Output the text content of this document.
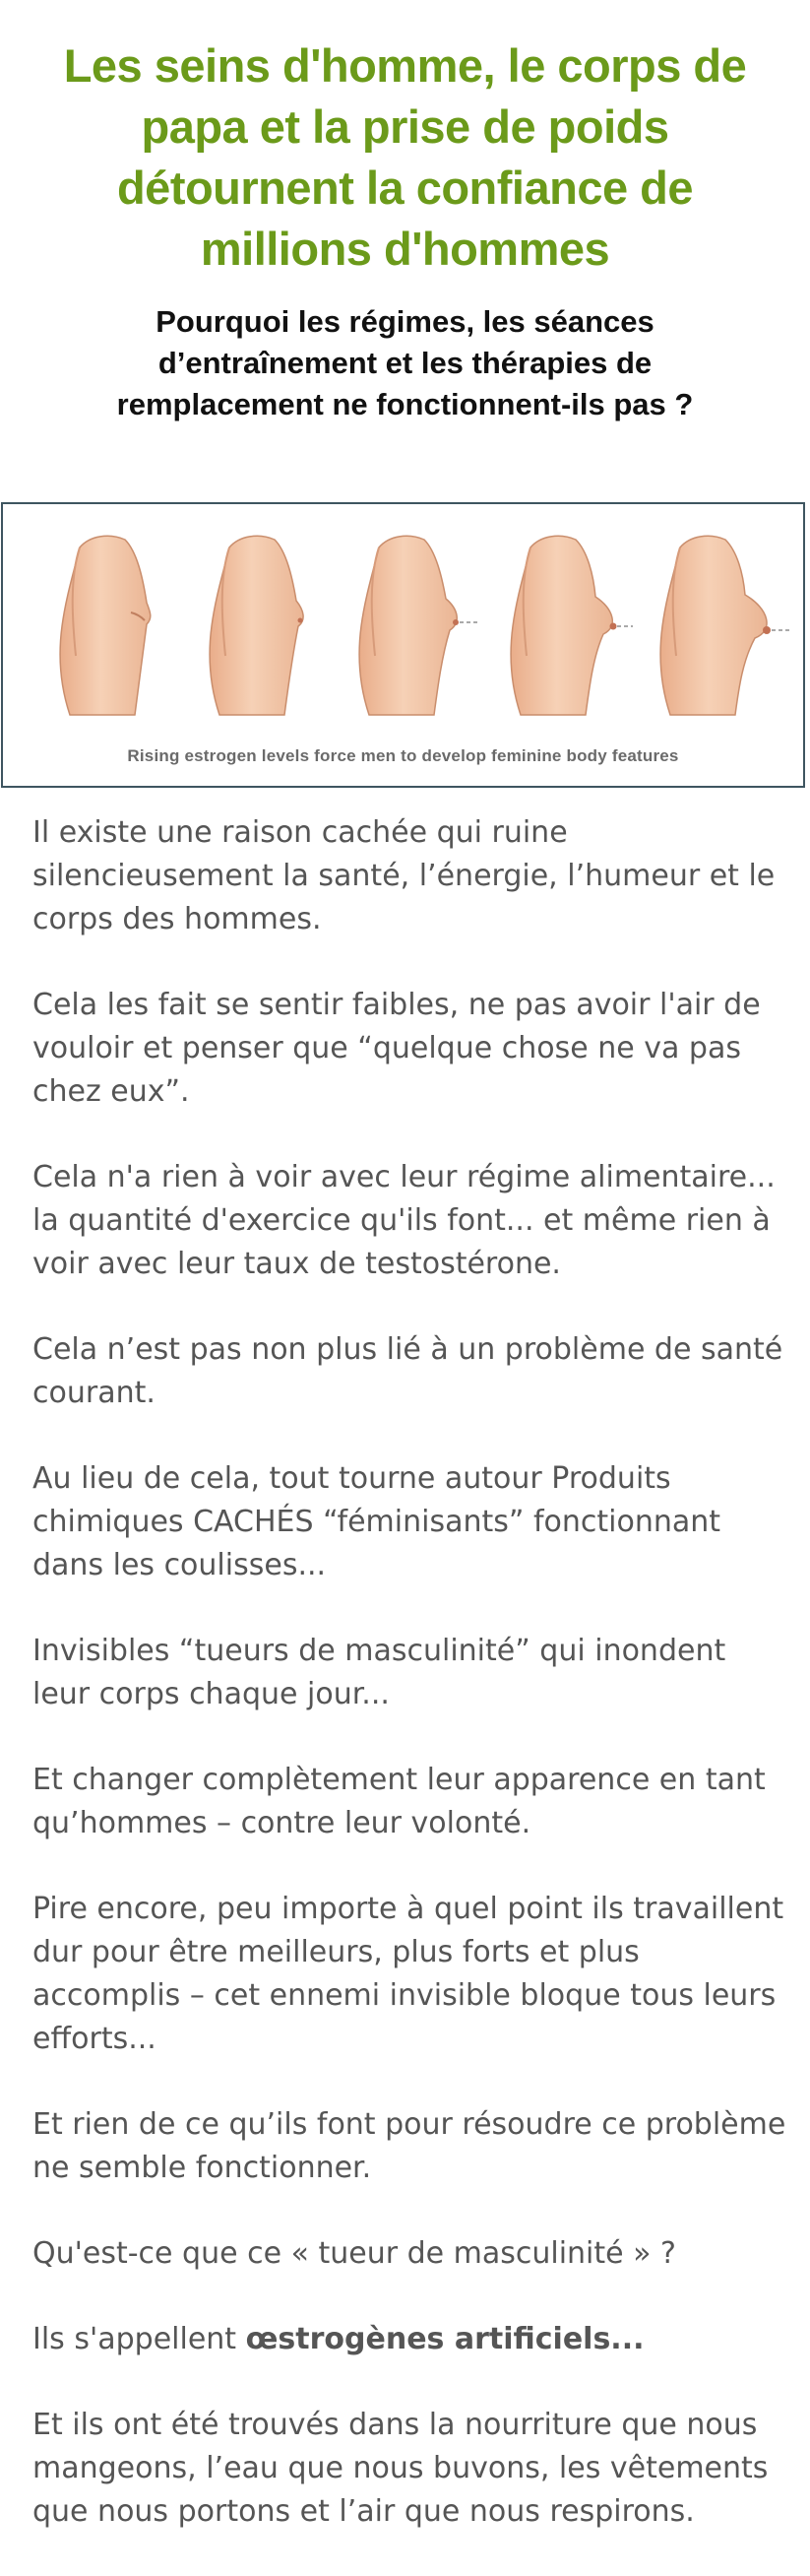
Les seins d'homme, le corps de papa et la prise de poids détournent la confiance de millions d'hommes
Pourquoi les régimes, les séances d’entraînement et les thérapies de remplacement ne fonctionnent-ils pas ?
Rising estrogen levels force men to develop feminine body features

Il existe une raison cachée qui ruine silencieusement la santé, l’énergie, l’humeur et le corps des hommes.

Cela les fait se sentir faibles, ne pas avoir l'air de vouloir et penser que “quelque chose ne va pas chez eux”.

Cela n'a rien à voir avec leur régime alimentaire... la quantité d'exercice qu'ils font... et même rien à voir avec leur taux de testostérone.

Cela n’est pas non plus lié à un problème de santé courant.

Au lieu de cela, tout tourne autour Produits chimiques CACHÉS “féminisants” fonctionnant dans les coulisses...

Invisibles “tueurs de masculinité” qui inondent leur corps chaque jour...

Et changer complètement leur apparence en tant qu’hommes – contre leur volonté.

Pire encore, peu importe à quel point ils travaillent dur pour être meilleurs, plus forts et plus accomplis – cet ennemi invisible bloque tous leurs efforts...

Et rien de ce qu’ils font pour résoudre ce problème ne semble fonctionner.

Qu'est-ce que ce « tueur de masculinité » ?

Ils s'appellent œstrogènes artificiels...

Et ils ont été trouvés dans la nourriture que nous mangeons, l’eau que nous buvons, les vêtements que nous portons et l’air que nous respirons.
